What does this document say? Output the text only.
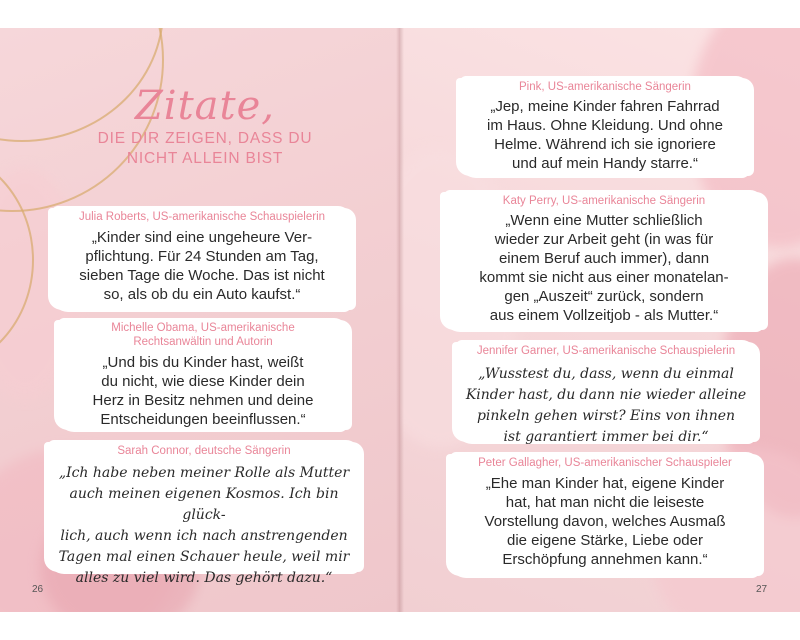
Zitate,
DIE DIR ZEIGEN, DASS DU
NICHT ALLEIN BIST
Julia Roberts, US-amerikanische Schauspielerin
„Kinder sind eine ungeheure Ver-
pflichtung. Für 24 Stunden am Tag,
sieben Tage die Woche. Das ist nicht
so, als ob du ein Auto kaufst.“
Michelle Obama, US-amerikanische
Rechtsanwältin und Autorin
„Und bis du Kinder hast, weißt
du nicht, wie diese Kinder dein
Herz in Besitz nehmen und deine
Entscheidungen beeinflussen.“
Sarah Connor, deutsche Sängerin
„Ich habe neben meiner Rolle als Mutter
auch meinen eigenen Kosmos. Ich bin glück-
lich, auch wenn ich nach anstrengenden
Tagen mal einen Schauer heule, weil mir
alles zu viel wird. Das gehört dazu.“
26
Pink, US-amerikanische Sängerin
„Jep, meine Kinder fahren Fahrrad
im Haus. Ohne Kleidung. Und ohne
Helme. Während ich sie ignoriere
und auf mein Handy starre.“
Katy Perry, US-amerikanische Sängerin
„Wenn eine Mutter schließlich
wieder zur Arbeit geht (in was für
einem Beruf auch immer), dann
kommt sie nicht aus einer monatelan-
gen „Auszeit“ zurück, sondern
aus einem Vollzeitjob - als Mutter.“
Jennifer Garner, US-amerikanische Schauspielerin
„Wusstest du, dass, wenn du einmal
Kinder hast, du dann nie wieder alleine
pinkeln gehen wirst? Eins von ihnen
ist garantiert immer bei dir.“
Peter Gallagher, US-amerikanischer Schauspieler
„Ehe man Kinder hat, eigene Kinder
hat, hat man nicht die leiseste
Vorstellung davon, welches Ausmaß
die eigene Stärke, Liebe oder
Erschöpfung annehmen kann.“
27
